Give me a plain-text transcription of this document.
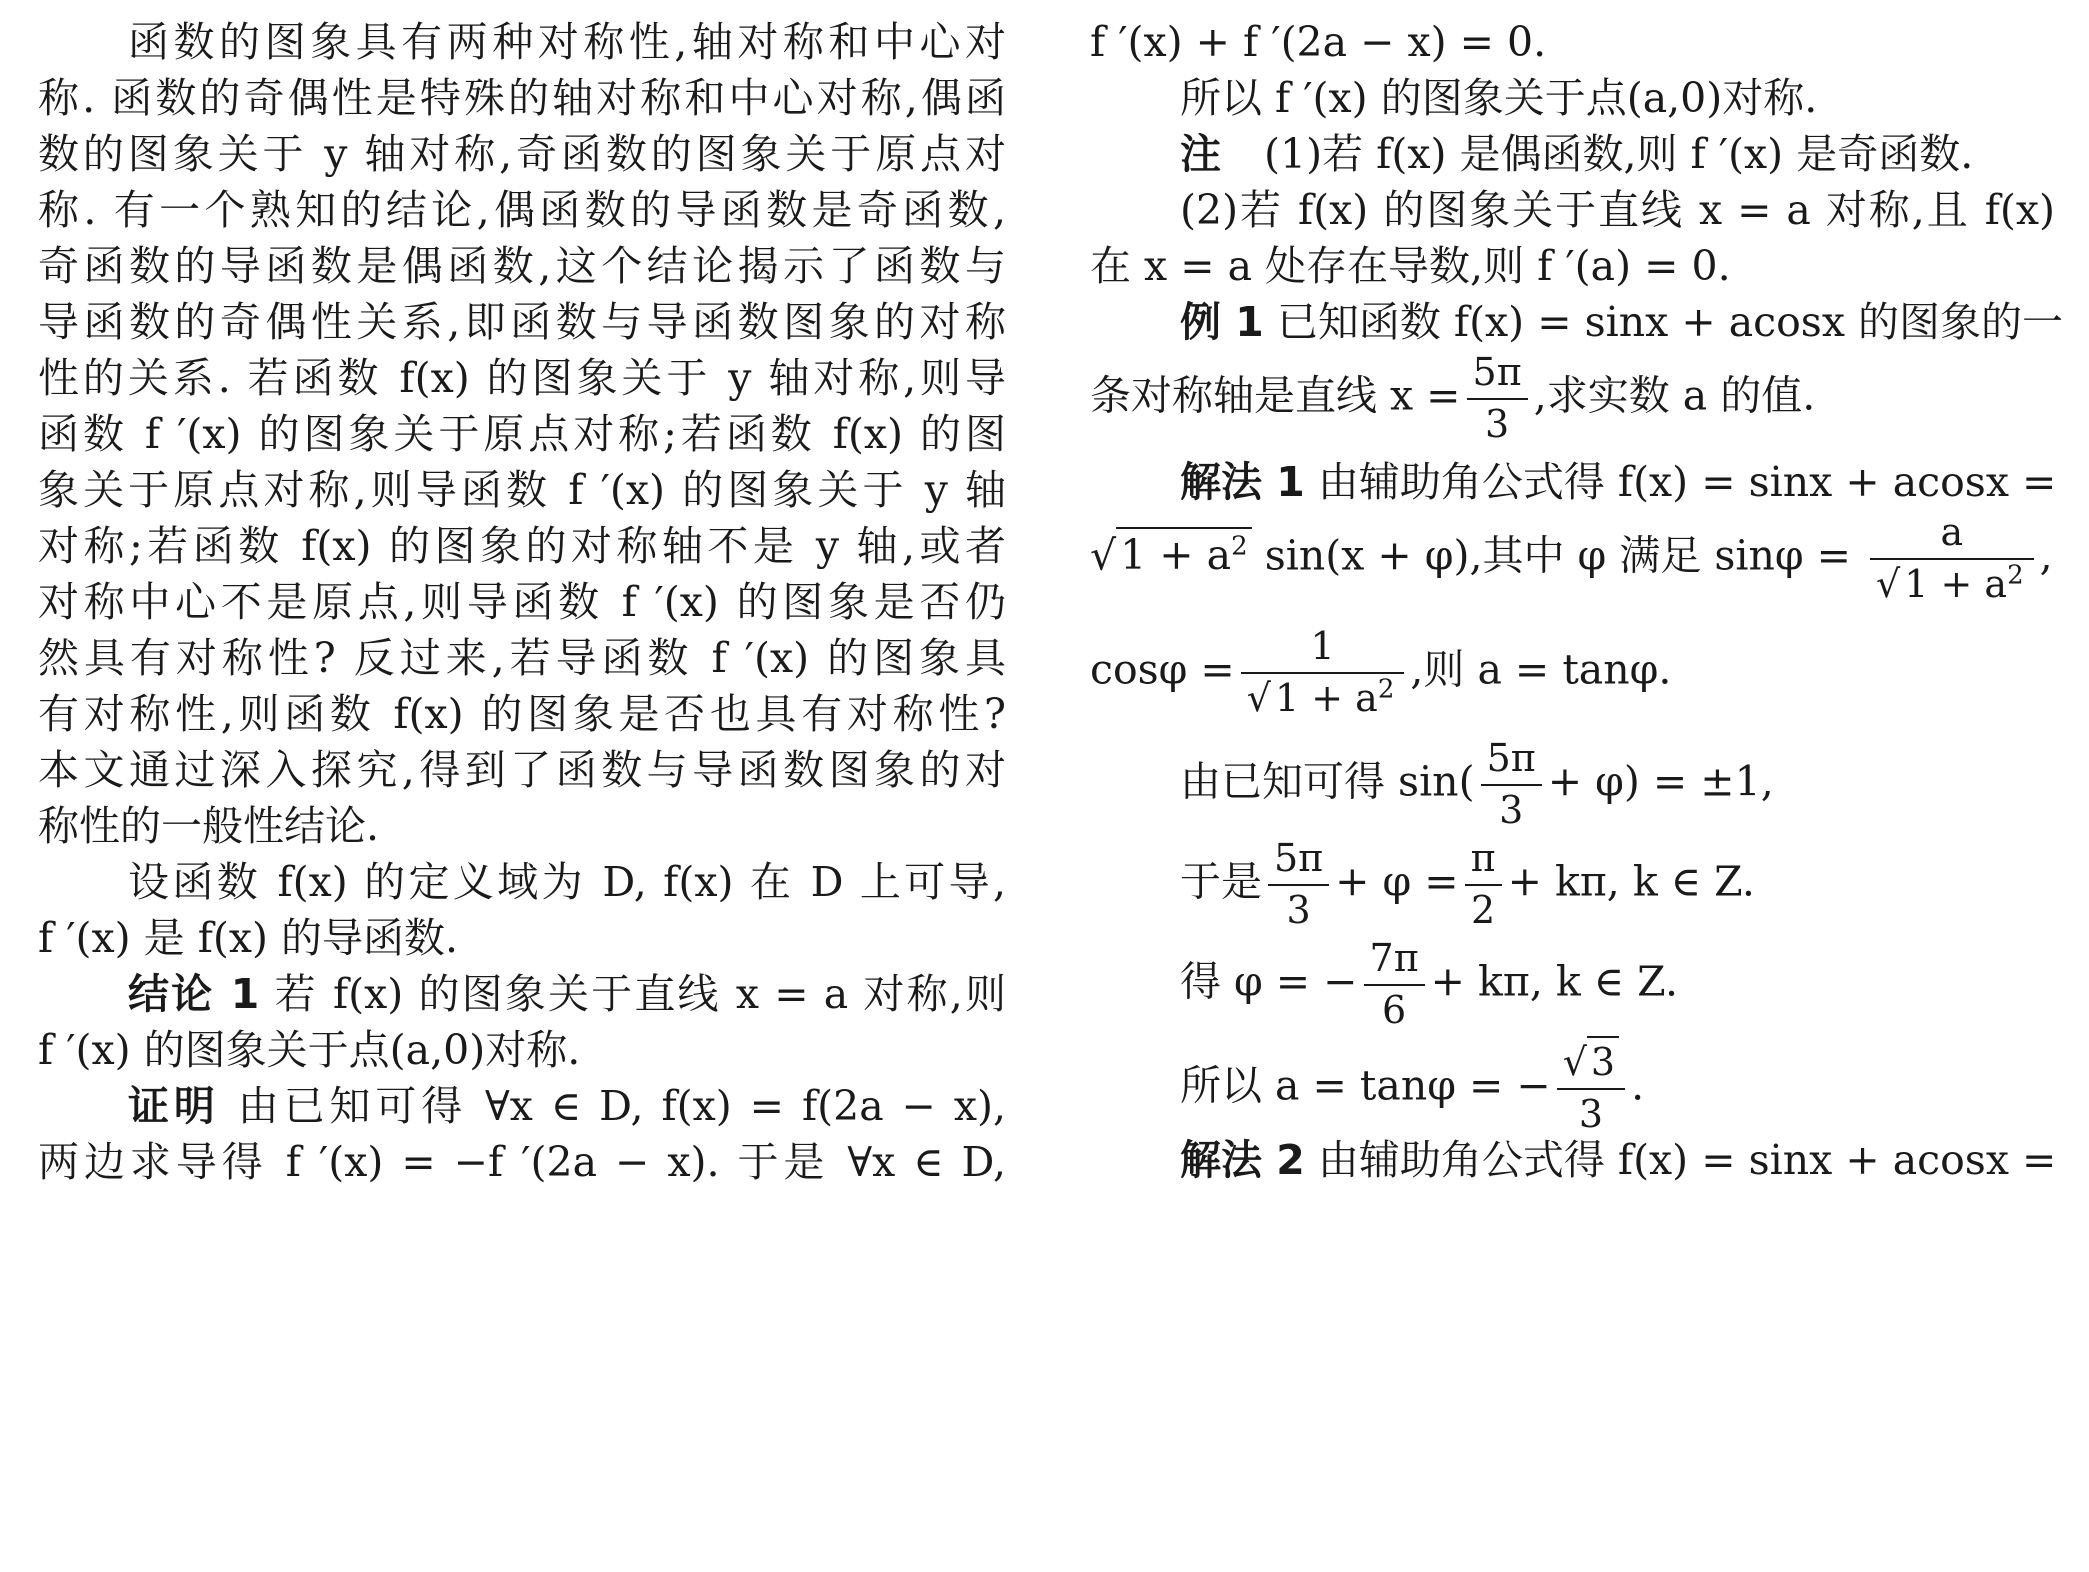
函数的图象具有两种对称性,轴对称和中心对
称. 函数的奇偶性是特殊的轴对称和中心对称,偶函
数的图象关于 y 轴对称,奇函数的图象关于原点对
称. 有一个熟知的结论,偶函数的导函数是奇函数,
奇函数的导函数是偶函数,这个结论揭示了函数与
导函数的奇偶性关系,即函数与导函数图象的对称
性的关系. 若函数 f(x) 的图象关于 y 轴对称,则导
函数 f ′(x) 的图象关于原点对称;若函数 f(x) 的图
象关于原点对称,则导函数 f ′(x) 的图象关于 y 轴
对称;若函数 f(x) 的图象的对称轴不是 y 轴,或者
对称中心不是原点,则导函数 f ′(x) 的图象是否仍
然具有对称性? 反过来,若导函数 f ′(x) 的图象具
有对称性,则函数 f(x) 的图象是否也具有对称性?
本文通过深入探究,得到了函数与导函数图象的对
称性的一般性结论.
设函数 f(x) 的定义域为 D, f(x) 在 D 上可导,
f ′(x) 是 f(x) 的导函数.
结论 1 若 f(x) 的图象关于直线 x = a 对称,则
f ′(x) 的图象关于点(a,0)对称.
证明 由已知可得 ∀x ∈ D, f(x) = f(2a − x),
两边求导得 f ′(x) = −f ′(2a − x). 于是 ∀x ∈ D,
f ′(x) + f ′(2a − x) = 0.
所以 f ′(x) 的图象关于点(a,0)对称.
注 (1)若 f(x) 是偶函数,则 f ′(x) 是奇函数.
(2)若 f(x) 的图象关于直线 x = a 对称,且 f(x)
在 x = a 处存在导数,则 f ′(a) = 0.
例 1 已知函数 f(x) = sinx + acosx 的图象的一
条对称轴是直线 $x = \frac{5\pi}{3}$ ,求实数 a 的值.
解法 1 由辅助角公式得 f(x) = sinx + acosx =
$√1 + a^2$ sin(x + φ),其中 φ 满足 $\sin\varphi = \frac{a}{√ 1 + a^2}$ ,
$\cos\varphi = \frac{1}{√ 1 + a^2}$ ,则 a = tanφ.
由已知可得 $\sin( \frac{5\pi}{3} + \varphi) = \pm 1$,
于是 $\frac{5\pi}{3} + \varphi = \frac{\pi}{2} + k\pi$, k ∈ Z.
得 φ = − $\frac{7\pi}{6} + k\pi$, k ∈ Z.
所以 a = tanφ = − $\frac{√ 3}{3}$ .
解法 2 由辅助角公式得 f(x) = sinx + acosx =
